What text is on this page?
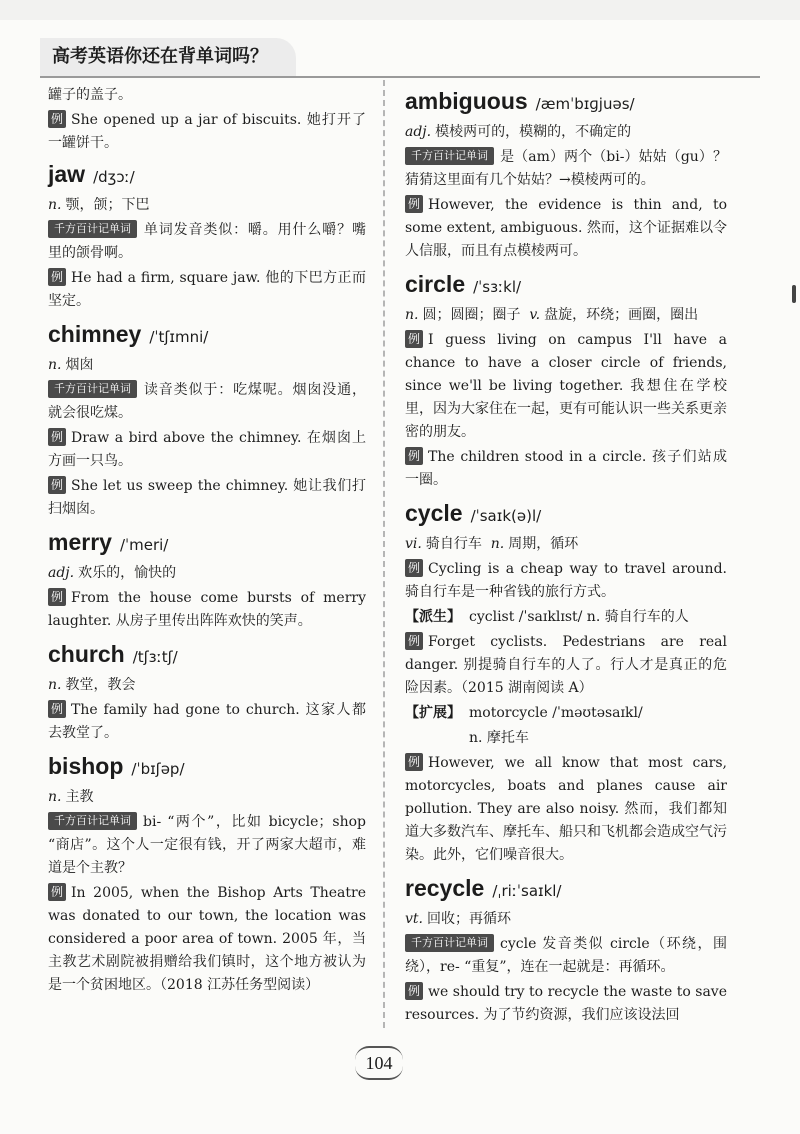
高考英语你还在背单词吗？
罐子的盖子。
例 She opened up a jar of biscuits. 她打开了一罐饼干。
jaw /dʒɔː/
n. 颚，颌；下巴
千方百计记单词 单词发音类似：嚼。用什么嚼？嘴里的颌骨啊。
例 He had a firm, square jaw. 他的下巴方正而坚定。
chimney /ˈtʃɪmni/
n. 烟囱
千方百计记单词 读音类似于：吃煤呢。烟囱没通，就会很吃煤。
例 Draw a bird above the chimney. 在烟囱上方画一只鸟。
例 She let us sweep the chimney. 她让我们打扫烟囱。
merry /ˈmeri/
adj. 欢乐的，愉快的
例 From the house come bursts of merry laughter. 从房子里传出阵阵欢快的笑声。
church /tʃɜːtʃ/
n. 教堂，教会
例 The family had gone to church. 这家人都去教堂了。
bishop /ˈbɪʃəp/
n. 主教
千方百计记单词 bi- “两个”，比如 bicycle；shop “商店”。这个人一定很有钱，开了两家大超市，难道是个主教？
例 In 2005, when the Bishop Arts Theatre was donated to our town, the location was considered a poor area of town. 2005 年，当主教艺术剧院被捐赠给我们镇时，这个地方被认为是一个贫困地区。（2018 江苏任务型阅读）
ambiguous /æmˈbɪɡjuəs/
adj. 模棱两可的，模糊的，不确定的
千方百计记单词 是（am）两个（bi-）姑姑（gu）？猜猜这里面有几个姑姑？→模棱两可的。
例 However, the evidence is thin and, to some extent, ambiguous. 然而，这个证据难以令人信服，而且有点模棱两可。
circle /ˈsɜːkl/
n. 圆；圆圈；圈子 v. 盘旋，环绕；画圈，圈出
例 I guess living on campus I'll have a chance to have a closer circle of friends, since we'll be living together. 我想住在学校里，因为大家住在一起，更有可能认识一些关系更亲密的朋友。
例 The children stood in a circle. 孩子们站成一圈。
cycle /ˈsaɪk(ə)l/
vi. 骑自行车 n. 周期，循环
例 Cycling is a cheap way to travel around. 骑自行车是一种省钱的旅行方式。
【派生】 cyclist /ˈsaɪklɪst/ n. 骑自行车的人
例 Forget cyclists. Pedestrians are real danger. 别提骑自行车的人了。行人才是真正的危险因素。（2015 湖南阅读 A）
【扩展】 motorcycle /ˈməʊtəsaɪkl/
n. 摩托车
例 However, we all know that most cars, motorcycles, boats and planes cause air pollution. They are also noisy. 然而，我们都知道大多数汽车、摩托车、船只和飞机都会造成空气污染。此外，它们噪音很大。
recycle /ˌriːˈsaɪkl/
vt. 回收；再循环
千方百计记单词 cycle 发音类似 circle（环绕，围绕），re- “重复”，连在一起就是：再循环。
例 we should try to recycle the waste to save resources. 为了节约资源，我们应该设法回
104
